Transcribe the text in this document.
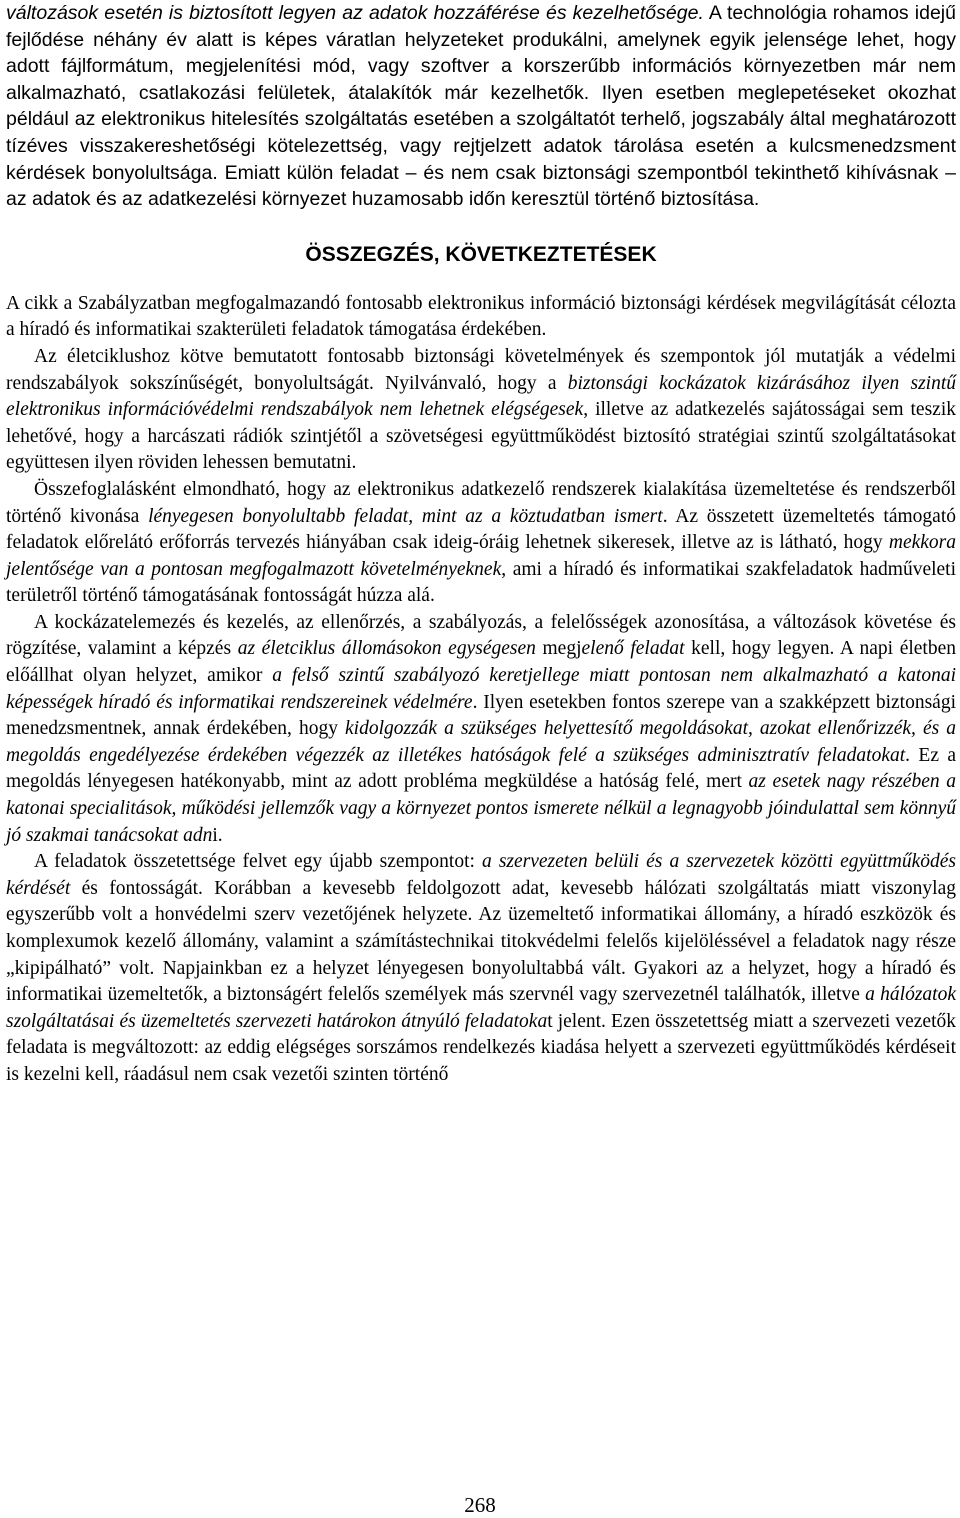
változások esetén is biztosított legyen az adatok hozzáférése és kezelhetősége. A technológia rohamos idejű fejlődése néhány év alatt is képes váratlan helyzeteket produkálni, amelynek egyik jelensége lehet, hogy adott fájlformátum, megjelenítési mód, vagy szoftver a korszerűbb információs környezetben már nem alkalmazható, csatlakozási felületek, átalakítók már kezelhetők. Ilyen esetben meglepetéseket okozhat például az elektronikus hitelesítés szolgáltatás esetében a szolgáltatót terhelő, jogszabály által meghatározott tízéves visszakereshetőségi kötelezettség, vagy rejtjelzett adatok tárolása esetén a kulcsmenedzsment kérdések bonyolultsága. Emiatt külön feladat – és nem csak biztonsági szempontból tekinthető kihívásnak – az adatok és az adatkezelési környezet huzamosabb időn keresztül történő biztosítása.

ÖSSZEGZÉS, KÖVETKEZTETÉSEK

A cikk a Szabályzatban megfogalmazandó fontosabb elektronikus információ biztonsági kérdések megvilágítását célozta a híradó és informatikai szakterületi feladatok támogatása érdekében.

Az életciklushoz kötve bemutatott fontosabb biztonsági követelmények és szempontok jól mutatják a védelmi rendszabályok sokszínűségét, bonyolultságát. Nyilvánvaló, hogy a biztonsági kockázatok kizárásához ilyen szintű elektronikus információvédelmi rendszabályok nem lehetnek elégségesek, illetve az adatkezelés sajátosságai sem teszik lehetővé, hogy a harcászati rádiók szintjétől a szövetségesi együttműködést biztosító stratégiai szintű szolgáltatásokat együttesen ilyen röviden lehessen bemutatni.

Összefoglalásként elmondható, hogy az elektronikus adatkezelő rendszerek kialakítása üzemeltetése és rendszerből történő kivonása lényegesen bonyolultabb feladat, mint az a köztudatban ismert. Az összetett üzemeltetés támogató feladatok előrelátó erőforrás tervezés hiányában csak ideig-óráig lehetnek sikeresek, illetve az is látható, hogy mekkora jelentősége van a pontosan megfogalmazott követelményeknek, ami a híradó és informatikai szakfeladatok hadműveleti területről történő támogatásának fontosságát húzza alá.

A kockázatelemezés és kezelés, az ellenőrzés, a szabályozás, a felelősségek azonosítása, a változások követése és rögzítése, valamint a képzés az életciklus állomásokon egységesen megjelenő feladat kell, hogy legyen. A napi életben előállhat olyan helyzet, amikor a felső szintű szabályozó keretjellege miatt pontosan nem alkalmazható a katonai képességek híradó és informatikai rendszereinek védelmére. Ilyen esetekben fontos szerepe van a szakképzett biztonsági menedzsmentnek, annak érdekében, hogy kidolgozzák a szükséges helyettesítő megoldásokat, azokat ellenőrizzék, és a megoldás engedélyezése érdekében végezzék az illetékes hatóságok felé a szükséges adminisztratív feladatokat. Ez a megoldás lényegesen hatékonyabb, mint az adott probléma megküldése a hatóság felé, mert az esetek nagy részében a katonai specialitások, működési jellemzők vagy a környezet pontos ismerete nélkül a legnagyobb jóindulattal sem könnyű jó szakmai tanácsokat adni.

A feladatok összetettsége felvet egy újabb szempontot: a szervezeten belüli és a szervezetek közötti együttműködés kérdését és fontosságát. Korábban a kevesebb feldolgozott adat, kevesebb hálózati szolgáltatás miatt viszonylag egyszerűbb volt a honvédelmi szerv vezetőjének helyzete. Az üzemeltető informatikai állomány, a híradó eszközök és komplexumok kezelő állomány, valamint a számítástechnikai titokvédelmi felelős kijelöléssével a feladatok nagy része „kipipálható” volt. Napjainkban ez a helyzet lényegesen bonyolultabbá vált. Gyakori az a helyzet, hogy a híradó és informatikai üzemeltetők, a biztonságért felelős személyek más szervnél vagy szervezetnél találhatók, illetve a hálózatok szolgáltatásai és üzemeltetés szervezeti határokon átnyúló feladatokat jelent. Ezen összetettség miatt a szervezeti vezetők feladata is megváltozott: az eddig elégséges sorszámos rendelkezés kiadása helyett a szervezeti együttműködés kérdéseit is kezelni kell, ráadásul nem csak vezetői szinten történő

268
